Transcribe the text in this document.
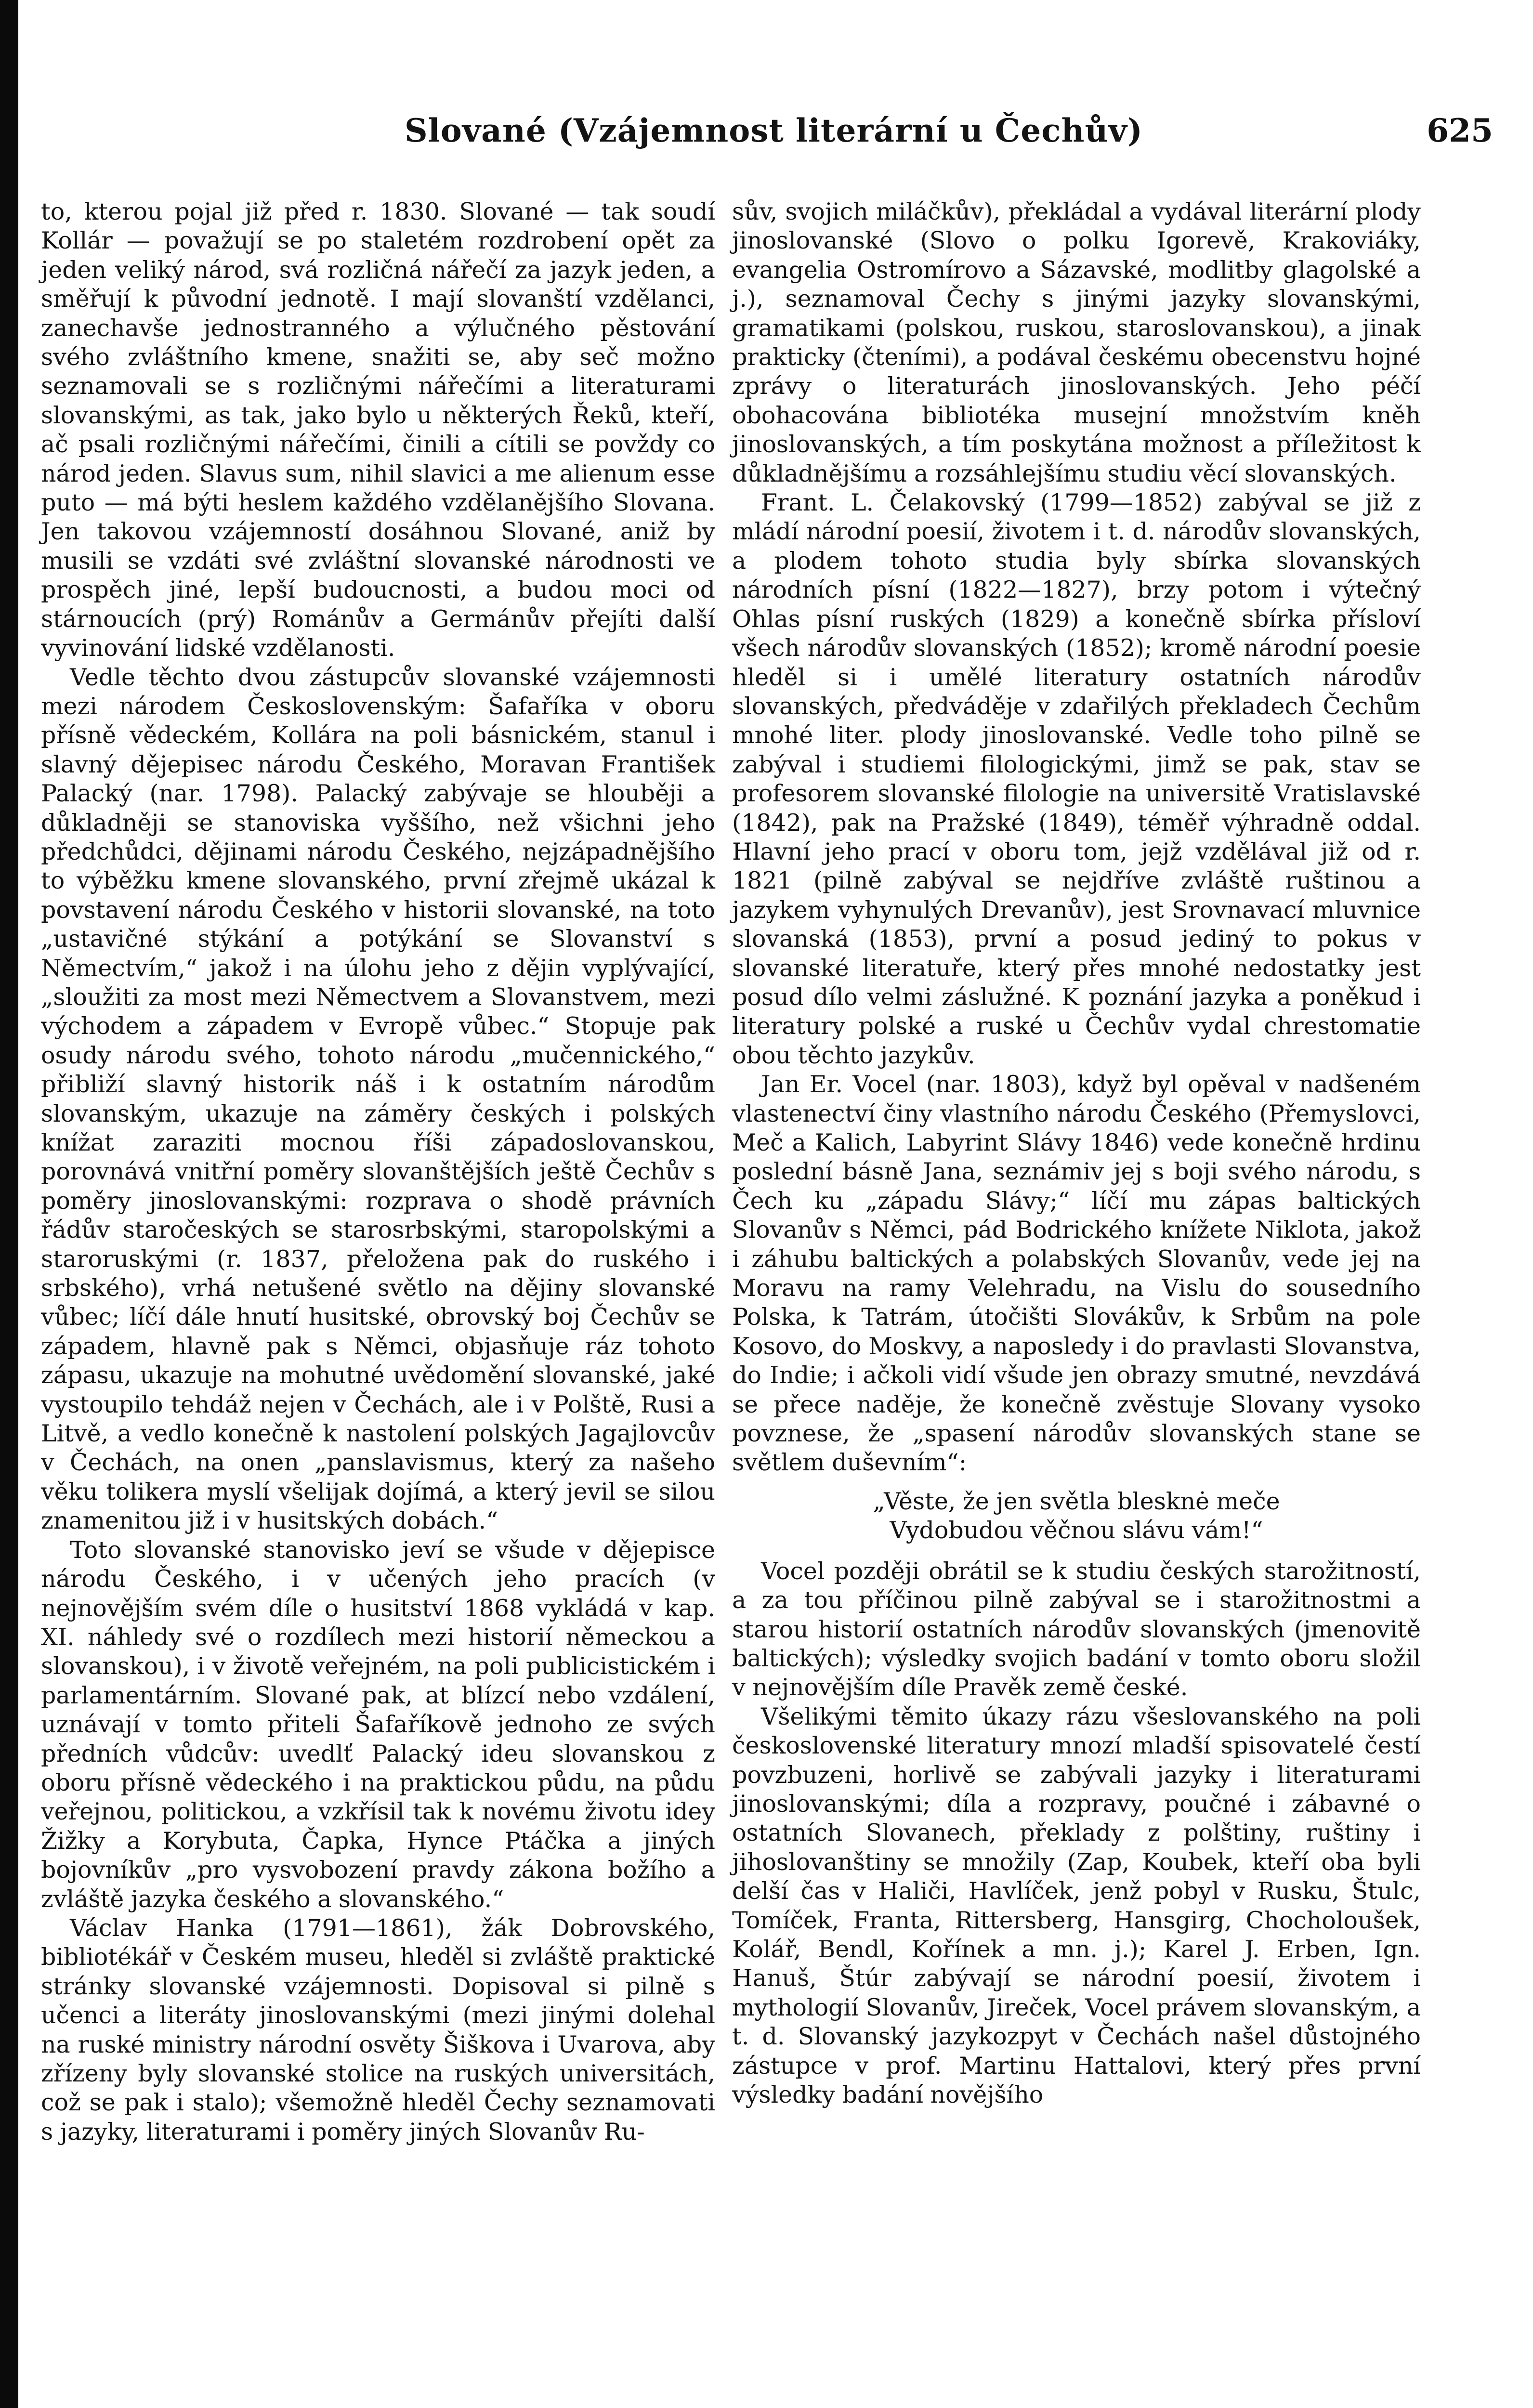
Slované (Vzájemnost literární u Čechův)	625

to, kterou pojal již před r. 1830. Slované — tak soudí Kollár — považují se po staletém rozdrobení opět za jeden veliký národ, svá rozličná nářečí za jazyk jeden, a směřují k původní jednotě. I mají slovanští vzdělanci, zanechavše jednostranného a výlučného pěstování svého zvláštního kmene, snažiti se, aby seč možno seznamovali se s rozličnými nářečími a literaturami slovanskými, as tak, jako bylo u některých Řeků, kteří, ač psali rozličnými nářečími, činili a cítili se povždy co národ jeden. Slavus sum, nihil slavici a me alienum esse puto — má býti heslem každého vzdělanějšího Slovana. Jen takovou vzájemností dosáhnou Slované, aniž by musili se vzdáti své zvláštní slovanské národnosti ve prospěch jiné, lepší budoucnosti, a budou moci od stárnoucích (prý) Románův a Germánův přejíti další vyvinování lidské vzdělanosti.

Vedle těchto dvou zástupcův slovanské vzájemnosti mezi národem Československým: Šafaříka v oboru přísně vědeckém, Kollára na poli básnickém, stanul i slavný dějepisec národu Českého, Moravan František Palacký (nar. 1798). Palacký zabývaje se hlouběji a důkladněji se stanoviska vyššího, než všichni jeho předchůdci, dějinami národu Českého, nejzápadnějšího to výběžku kmene slovanského, první zřejmě ukázal k povstavení národu Českého v historii slovanské, na toto „ustavičné stýkání a potýkání se Slovanství s Němectvím,“ jakož i na úlohu jeho z dějin vyplývající, „sloužiti za most mezi Němectvem a Slovanstvem, mezi východem a západem v Evropě vůbec.“ Stopuje pak osudy národu svého, tohoto národu „mučennického,“ přibliží slavný historik náš i k ostatním národům slovanským, ukazuje na záměry českých i polských knížat zaraziti mocnou říši západoslovanskou, porovnává vnitřní poměry slovanštějších ještě Čechův s poměry jinoslovanskými: rozprava o shodě právních řádův staročeských se starosrbskými, staropolskými a staroruskými (r. 1837, přeložena pak do ruského i srbského), vrhá netušené světlo na dějiny slovanské vůbec; líčí dále hnutí husitské, obrovský boj Čechův se západem, hlavně pak s Němci, objasňuje ráz tohoto zápasu, ukazuje na mohutné uvědomění slovanské, jaké vystoupilo tehdáž nejen v Čechách, ale i v Polště, Rusi a Litvě, a vedlo konečně k nastolení polských Jagajlovcův v Čechách, na onen „panslavismus, který za našeho věku tolikera myslí všelijak dojímá, a který jevil se silou znamenitou již i v husitských dobách.“

Toto slovanské stanovisko jeví se všude v dějepisce národu Českého, i v učených jeho pracích (v nejnovějším svém díle o husitství 1868 vykládá v kap. XI. náhledy své o rozdílech mezi historií německou a slovanskou), i v životě veřejném, na poli publicistickém i parlamentárním. Slované pak, at blízcí nebo vzdálení, uznávají v tomto přiteli Šafaříkově jednoho ze svých předních vůdcův: uvedlť Palacký ideu slovanskou z oboru přísně vědeckého i na praktickou půdu, na půdu veřejnou, politickou, a vzkřísil tak k novému životu idey Žižky a Korybuta, Čapka, Hynce Ptáčka a jiných bojovníkův „pro vysvobození pravdy zákona božího a zvláště jazyka českého a slovanského.“

Václav Hanka (1791—1861), žák Dobrovského, bibliotékář v Českém museu, hleděl si zvláště praktické stránky slovanské vzájemnosti. Dopisoval si pilně s učenci a literáty jinoslovanskými (mezi jinými dolehal na ruské ministry národní osvěty Šiškova i Uvarova, aby zřízeny byly slovanské stolice na ruských universitách, což se pak i stalo); všemožně hleděl Čechy seznamovati s jazyky, literaturami i poměry jiných Slovanův Ru-

sův, svojich miláčkův), překládal a vydával literární plody jinoslovanské (Slovo o polku Igorevě, Krakoviáky, evangelia Ostromírovo a Sázavské, modlitby glagolské a j.), seznamoval Čechy s jinými jazyky slovanskými, gramatikami (polskou, ruskou, staroslovanskou), a jinak prakticky (čteními), a podával českému obecenstvu hojné zprávy o literaturách jinoslovanských. Jeho péčí obohacována bibliotéka musejní množstvím kněh jinoslovanských, a tím poskytána možnost a příležitost k důkladnějšímu a rozsáhlejšímu studiu věcí slovanských.

Frant. L. Čelakovský (1799—1852) zabýval se již z mládí národní poesií, životem i t. d. národův slovanských, a plodem tohoto studia byly sbírka slovanských národních písní (1822—1827), brzy potom i výtečný Ohlas písní ruských (1829) a konečně sbírka přísloví všech národův slovanských (1852); kromě národní poesie hleděl si i umělé literatury ostatních národův slovanských, předváděje v zdařilých překladech Čechům mnohé liter. plody jinoslovanské. Vedle toho pilně se zabýval i studiemi filologickými, jimž se pak, stav se profesorem slovanské filologie na universitě Vratislavské (1842), pak na Pražské (1849), téměř výhradně oddal. Hlavní jeho prací v oboru tom, jejž vzdělával již od r. 1821 (pilně zabýval se nejdříve zvláště ruštinou a jazykem vyhynulých Drevanův), jest Srovnavací mluvnice slovanská (1853), první a posud jediný to pokus v slovanské literatuře, který přes mnohé nedostatky jest posud dílo velmi záslužné. K poznání jazyka a poněkud i literatury polské a ruské u Čechův vydal chrestomatie obou těchto jazykův.

Jan Er. Vocel (nar. 1803), když byl opěval v nadšeném vlastenectví činy vlastního národu Českého (Přemyslovci, Meč a Kalich, Labyrint Slávy 1846) vede konečně hrdinu poslední básně Jana, seznámiv jej s boji svého národu, s Čech ku „západu Slávy;“ líčí mu zápas baltických Slovanův s Němci, pád Bodrického knížete Niklota, jakož i záhubu baltických a polabských Slovanův, vede jej na Moravu na ramy Velehradu, na Vislu do sousedního Polska, k Tatrám, útočišti Slovákův, k Srbům na pole Kosovo, do Moskvy, a naposledy i do pravlasti Slovanstva, do Indie; i ačkoli vidí všude jen obrazy smutné, nevzdává se přece naděje, že konečně zvěstuje Slovany vysoko povznese, že „spasení národův slovanských stane se světlem duševním“:

„Věste, že jen světla blesknė meče

Vydobudou věčnou slávu vám!“

Vocel později obrátil se k studiu českých starožitností, a za tou příčinou pilně zabýval se i starožitnostmi a starou historií ostatních národův slovanských (jmenovitě baltických); výsledky svojich badání v tomto oboru složil v nejnovějším díle Pravěk země české.

Všelikými těmito úkazy rázu všeslovanského na poli československé literatury mnozí mladší spisovatelé čestí povzbuzeni, horlivě se zabývali jazyky i literaturami jinoslovanskými; díla a rozpravy, poučné i zábavné o ostatních Slovanech, překlady z polštiny, ruštiny i jihoslovanštiny se množily (Zap, Koubek, kteří oba byli delší čas v Haliči, Havlíček, jenž pobyl v Rusku, Štulc, Tomíček, Franta, Rittersberg, Hansgirg, Chocholoušek, Kolář, Bendl, Kořínek a mn. j.); Karel J. Erben, Ign. Hanuš, Štúr zabývají se národní poesií, životem i mythologií Slovanův, Jireček, Vocel právem slovanským, a t. d. Slovanský jazykozpyt v Čechách našel důstojného zástupce v prof. Martinu Hattalovi, který přes první výsledky badání novějšího
